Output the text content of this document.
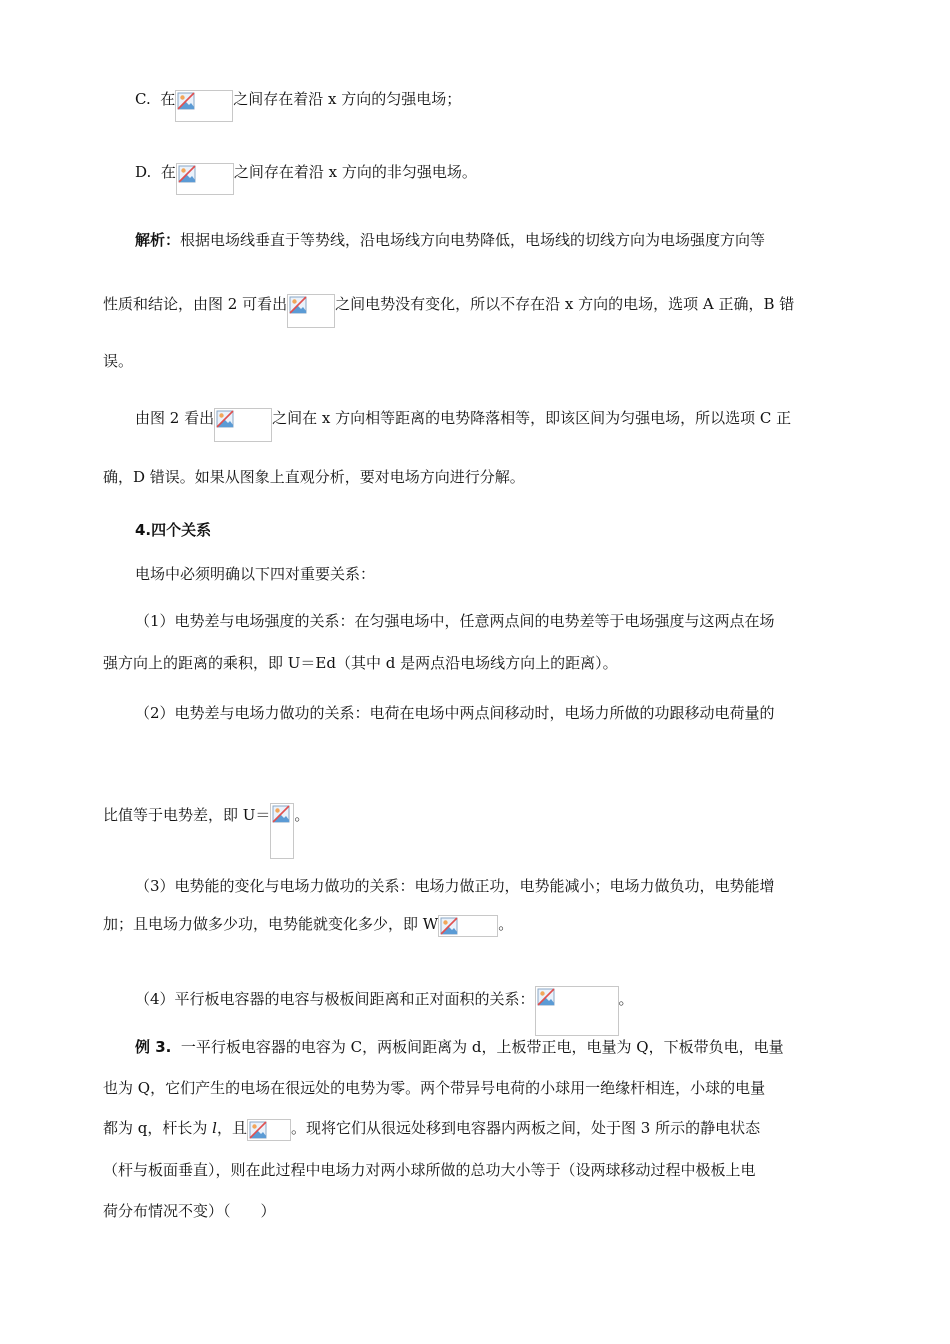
C. 在	之间存在着沿 x 方向的匀强电场；
D. 在	之间存在着沿 x 方向的非匀强电场。
解析：根据电场线垂直于等势线，沿电场线方向电势降低，电场线的切线方向为电场强度方向等
性质和结论，由图 2 可看出	之间电势没有变化，所以不存在沿 x 方向的电场，选项 A 正确，B 错
误。
由图 2 看出	之间在 x 方向相等距离的电势降落相等，即该区间为匀强电场，所以选项 C 正
确，D 错误。如果从图象上直观分析，要对电场方向进行分解。
4.四个关系
电场中必须明确以下四对重要关系：
（1）电势差与电场强度的关系：在匀强电场中，任意两点间的电势差等于电场强度与这两点在场
强方向上的距离的乘积，即 U＝Ed（其中 d 是两点沿电场线方向上的距离）。
（2）电势差与电场力做功的关系：电荷在电场中两点间移动时，电场力所做的功跟移动电荷量的
比值等于电势差，即 U＝ 。
（3）电势能的变化与电场力做功的关系：电场力做正功，电势能减小；电场力做负功，电势能增
加；且电场力做多少功，电势能就变化多少，即 W	。
（4）平行板电容器的电容与极板间距离和正对面积的关系：	。
例 3. 一平行板电容器的电容为 C，两板间距离为 d，上板带正电，电量为 Q，下板带负电，电量
也为 Q，它们产生的电场在很远处的电势为零。两个带异号电荷的小球用一绝缘杆相连，小球的电量
都为 q，杆长为 l，且	。现将它们从很远处移到电容器内两板之间，处于图 3 所示的静电状态
（杆与板面垂直），则在此过程中电场力对两小球所做的总功大小等于（设两球移动过程中极板上电
荷分布情况不变）（　　）
